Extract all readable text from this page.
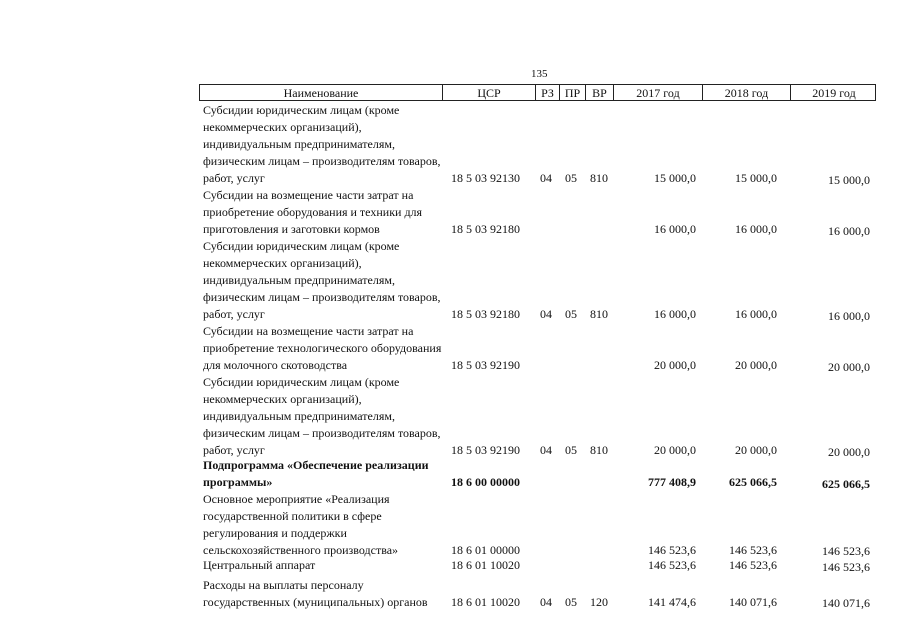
135
Наименование	ЦСР	РЗ ПР ВР	2017 год	2018 год	2019 год
Субсидии юридическим лицам (кроме некоммерческих организаций), индивидуальным предпринимателям, физическим лицам – производителям товаров, работ, услуг	18 5 03 92130 04 05 810	15 000,0	15 000,0	15 000,0
Субсидии на возмещение части затрат на приобретение оборудования и техники для приготовления и заготовки кормов	18 5 03 92180	16 000,0	16 000,0	16 000,0
Субсидии юридическим лицам (кроме некоммерческих организаций), индивидуальным предпринимателям, физическим лицам – производителям товаров, работ, услуг	18 5 03 92180 04 05 810	16 000,0	16 000,0	16 000,0
Субсидии на возмещение части затрат на приобретение технологического оборудования для молочного скотоводства	18 5 03 92190	20 000,0	20 000,0	20 000,0
Субсидии юридическим лицам (кроме некоммерческих организаций), индивидуальным предпринимателям, физическим лицам – производителям товаров, работ, услуг	18 5 03 92190 04 05 810	20 000,0	20 000,0	20 000,0
Подпрограмма «Обеспечение реализации программы»	18 6 00 00000	777 408,9	625 066,5	625 066,5
Основное мероприятие «Реализация государственной политики в сфере регулирования и поддержки сельскохозяйственного производства»	18 6 01 00000	146 523,6	146 523,6	146 523,6
Центральный аппарат	18 6 01 10020	146 523,6	146 523,6	146 523,6
Расходы на выплаты персоналу государственных (муниципальных) органов	18 6 01 10020 04 05 120	141 474,6	140 071,6	140 071,6
